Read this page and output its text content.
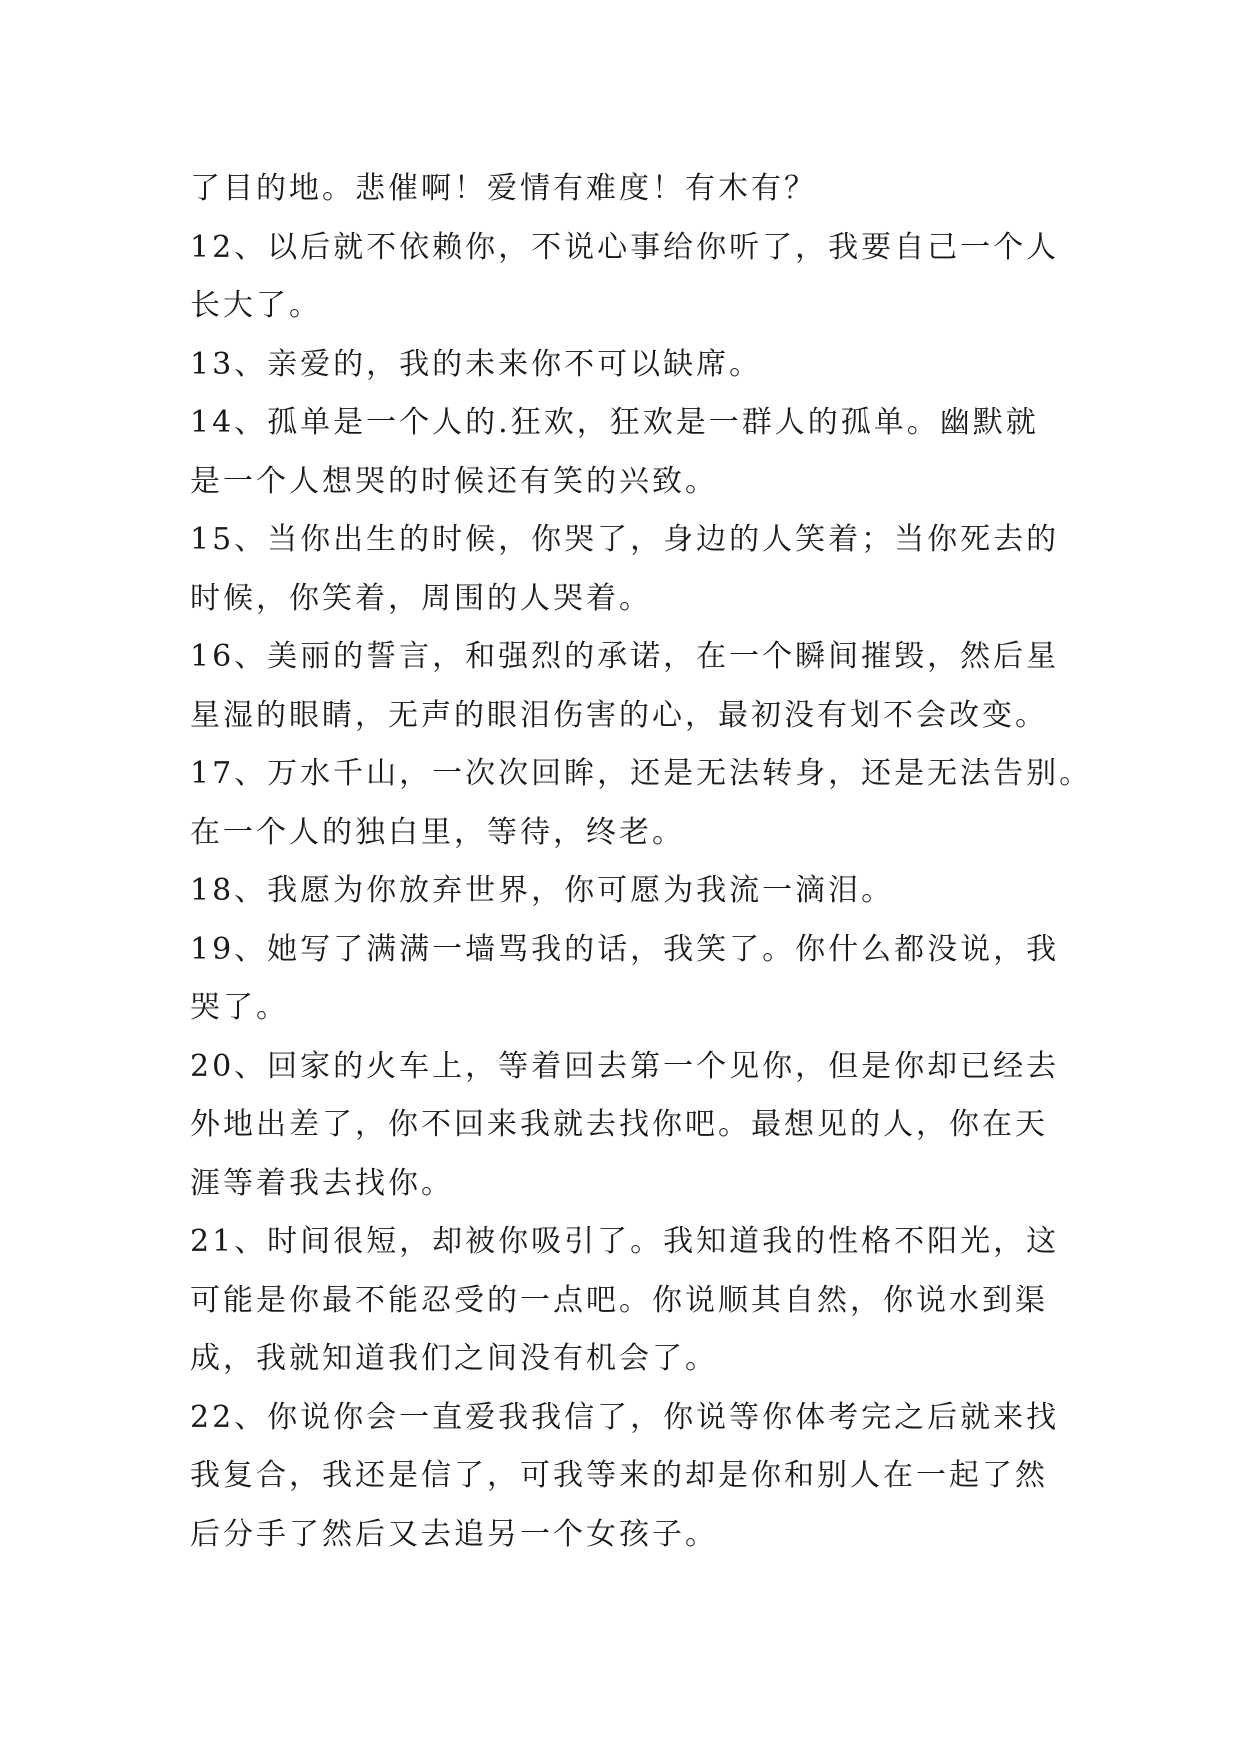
了目的地。悲催啊！爱情有难度！有木有？
12、以后就不依赖你，不说心事给你听了，我要自己一个人
长大了。
13、亲爱的，我的未来你不可以缺席。
14、孤单是一个人的.狂欢，狂欢是一群人的孤单。幽默就
是一个人想哭的时候还有笑的兴致。
15、当你出生的时候，你哭了，身边的人笑着；当你死去的
时候，你笑着，周围的人哭着。
16、美丽的誓言，和强烈的承诺，在一个瞬间摧毁，然后星
星湿的眼睛，无声的眼泪伤害的心，最初没有划不会改变。
17、万水千山，一次次回眸，还是无法转身，还是无法告别。
在一个人的独白里，等待，终老。
18、我愿为你放弃世界，你可愿为我流一滴泪。
19、她写了满满一墙骂我的话，我笑了。你什么都没说，我
哭了。
20、回家的火车上，等着回去第一个见你，但是你却已经去
外地出差了，你不回来我就去找你吧。最想见的人，你在天
涯等着我去找你。
21、时间很短，却被你吸引了。我知道我的性格不阳光，这
可能是你最不能忍受的一点吧。你说顺其自然，你说水到渠
成，我就知道我们之间没有机会了。
22、你说你会一直爱我我信了，你说等你体考完之后就来找
我复合，我还是信了，可我等来的却是你和别人在一起了然
后分手了然后又去追另一个女孩子。
